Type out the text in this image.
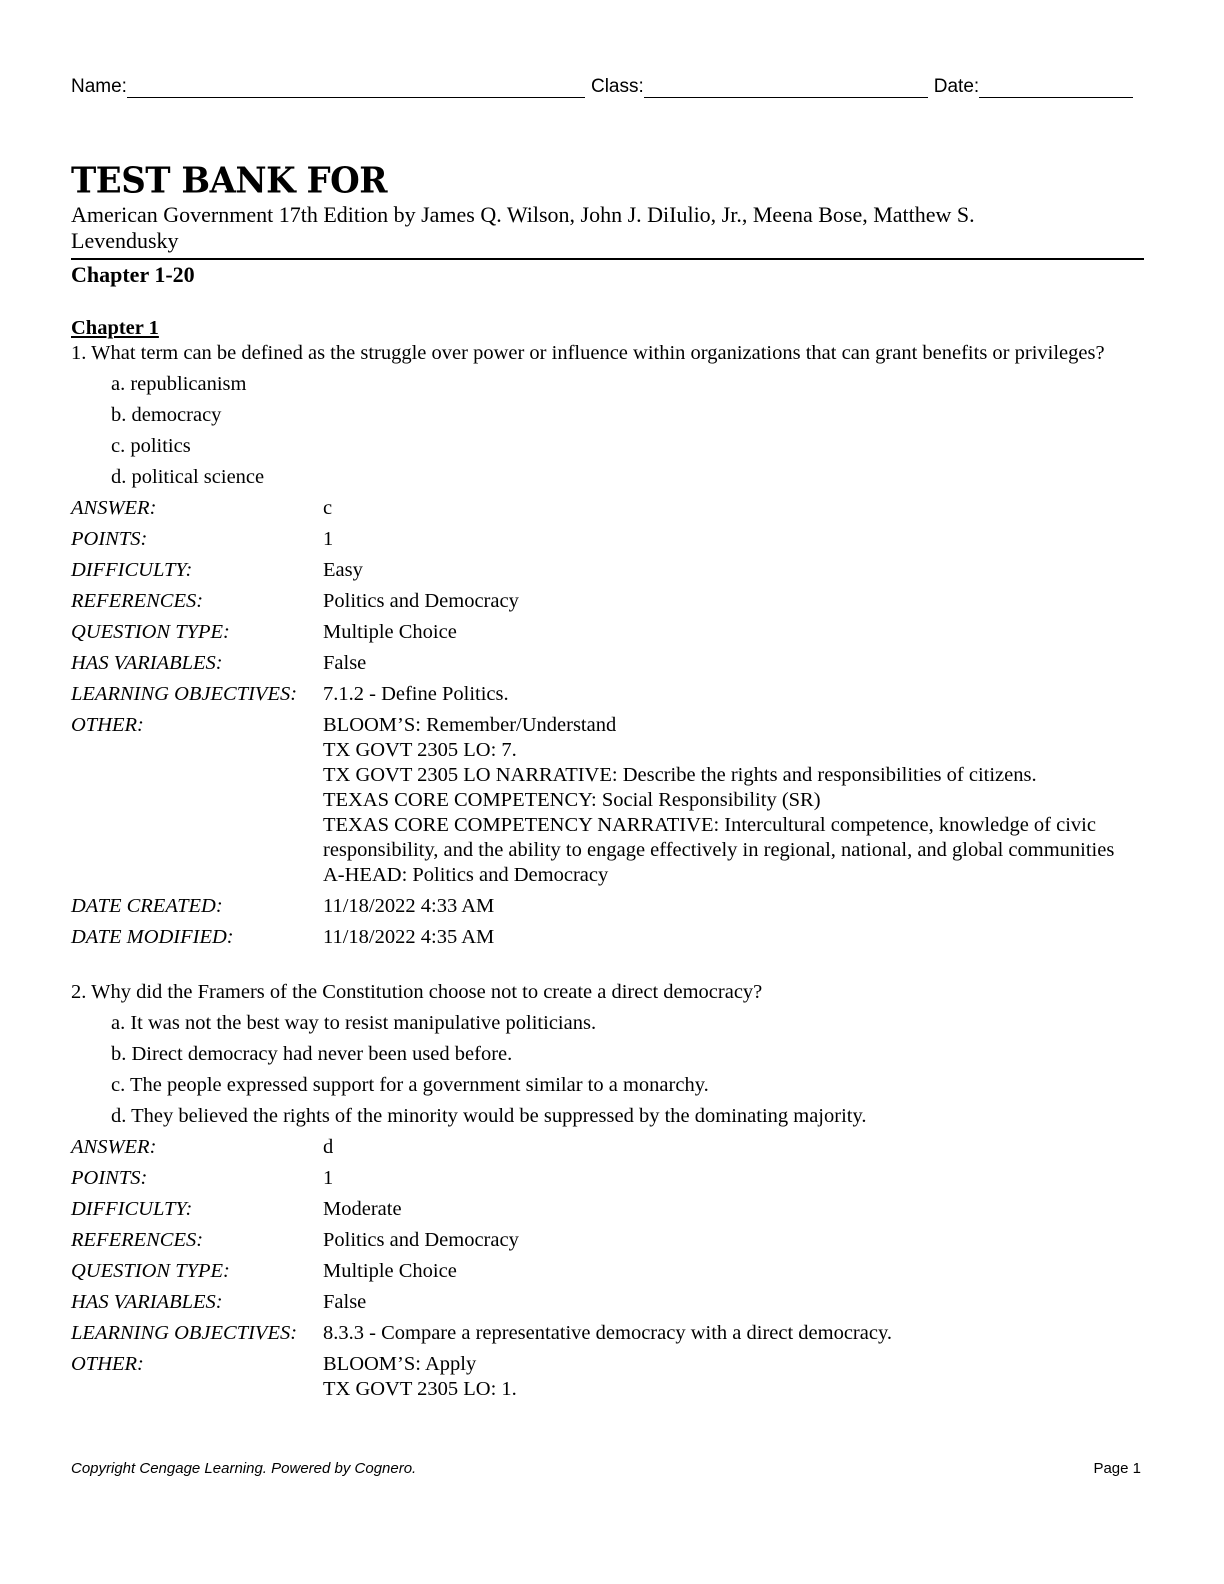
Name:	Class:	Date:
TEST BANK FOR
American Government 17th Edition by James Q. Wilson, John J. DiIulio, Jr., Meena Bose, Matthew S. Levendusky
Chapter 1-20
Chapter 1

1. What term can be defined as the struggle over power or influence within organizations that can grant benefits or privileges?

a. republicanism
b. democracy
c. politics
d. political science
ANSWER:	c
POINTS:	1
DIFFICULTY:	Easy
REFERENCES:	Politics and Democracy
QUESTION TYPE:	Multiple Choice
HAS VARIABLES:	False
LEARNING OBJECTIVES:	7.1.2 - Define Politics.
OTHER:	BLOOM’S: Remember/Understand
TX GOVT 2305 LO: 7.
TX GOVT 2305 LO NARRATIVE: Describe the rights and responsibilities of citizens.
TEXAS CORE COMPETENCY: Social Responsibility (SR)
TEXAS CORE COMPETENCY NARRATIVE: Intercultural competence, knowledge of civic responsibility, and the ability to engage effectively in regional, national, and global communities
A-HEAD: Politics and Democracy
DATE CREATED:	11/18/2022 4:33 AM
DATE MODIFIED:	11/18/2022 4:35 AM

2. Why did the Framers of the Constitution choose not to create a direct democracy?

a. It was not the best way to resist manipulative politicians.
b. Direct democracy had never been used before.
c. The people expressed support for a government similar to a monarchy.
d. They believed the rights of the minority would be suppressed by the dominating majority.
ANSWER:	d
POINTS:	1
DIFFICULTY:	Moderate
REFERENCES:	Politics and Democracy
QUESTION TYPE:	Multiple Choice
HAS VARIABLES:	False
LEARNING OBJECTIVES:	8.3.3 - Compare a representative democracy with a direct democracy.
OTHER:	BLOOM’S: Apply
TX GOVT 2305 LO: 1.
Copyright Cengage Learning. Powered by Cognero.	Page 1
